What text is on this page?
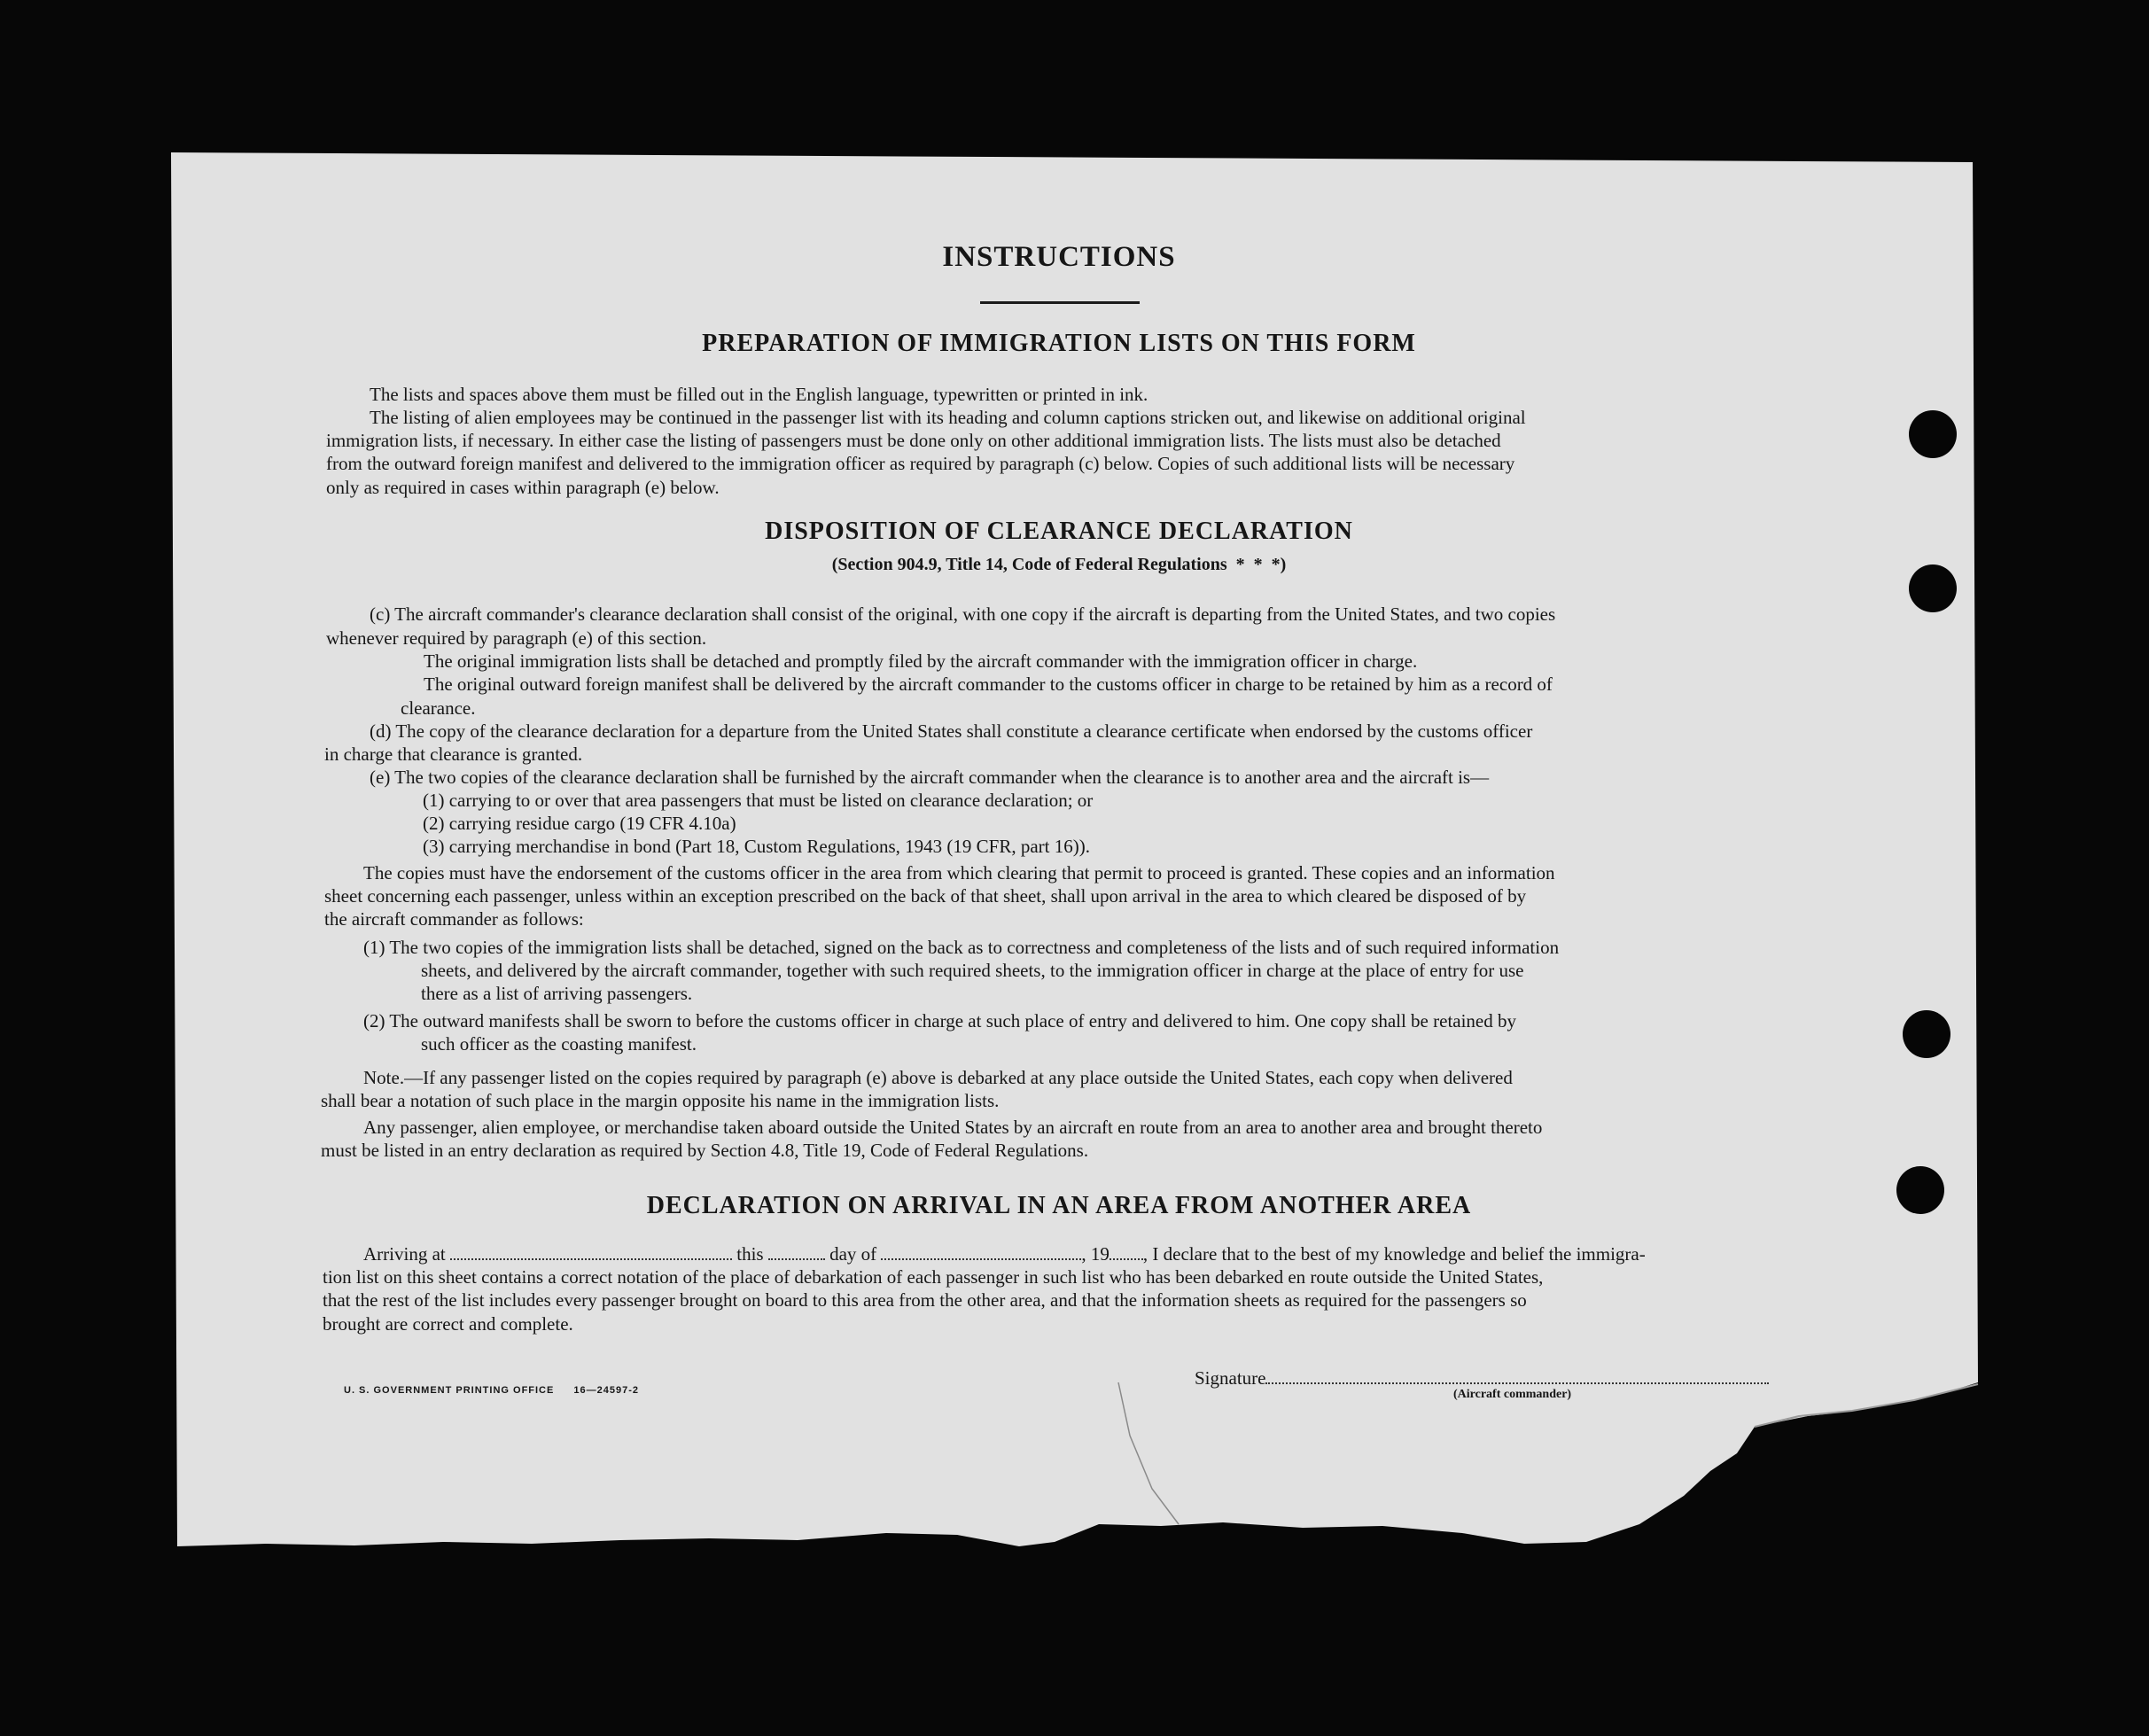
INSTRUCTIONS
PREPARATION OF IMMIGRATION LISTS ON THIS FORM
The lists and spaces above them must be filled out in the English language, typewritten or printed in ink.
The listing of alien employees may be continued in the passenger list with its heading and column captions stricken out, and likewise on additional original
immigration lists, if necessary. In either case the listing of passengers must be done only on other additional immigration lists. The lists must also be detached
from the outward foreign manifest and delivered to the immigration officer as required by paragraph (c) below. Copies of such additional lists will be necessary
only as required in cases within paragraph (e) below.
DISPOSITION OF CLEARANCE DECLARATION
(Section 904.9, Title 14, Code of Federal Regulations  *  *  *)
(c) The aircraft commander's clearance declaration shall consist of the original, with one copy if the aircraft is departing from the United States, and two copies
whenever required by paragraph (e) of this section.
The original immigration lists shall be detached and promptly filed by the aircraft commander with the immigration officer in charge.
The original outward foreign manifest shall be delivered by the aircraft commander to the customs officer in charge to be retained by him as a record of
clearance.
(d) The copy of the clearance declaration for a departure from the United States shall constitute a clearance certificate when endorsed by the customs officer
in charge that clearance is granted.
(e) The two copies of the clearance declaration shall be furnished by the aircraft commander when the clearance is to another area and the aircraft is—
(1) carrying to or over that area passengers that must be listed on clearance declaration; or
(2) carrying residue cargo (19 CFR 4.10a)
(3) carrying merchandise in bond (Part 18, Custom Regulations, 1943 (19 CFR, part 16)).
The copies must have the endorsement of the customs officer in the area from which clearing that permit to proceed is granted. These copies and an information
sheet concerning each passenger, unless within an exception prescribed on the back of that sheet, shall upon arrival in the area to which cleared be disposed of by
the aircraft commander as follows:
(1) The two copies of the immigration lists shall be detached, signed on the back as to correctness and completeness of the lists and of such required information
sheets, and delivered by the aircraft commander, together with such required sheets, to the immigration officer in charge at the place of entry for use
there as a list of arriving passengers.
(2) The outward manifests shall be sworn to before the customs officer in charge at such place of entry and delivered to him. One copy shall be retained by
such officer as the coasting manifest.
Note.—If any passenger listed on the copies required by paragraph (e) above is debarked at any place outside the United States, each copy when delivered
shall bear a notation of such place in the margin opposite his name in the immigration lists.
Any passenger, alien employee, or merchandise taken aboard outside the United States by an aircraft en route from an area to another area and brought thereto
must be listed in an entry declaration as required by Section 4.8, Title 19, Code of Federal Regulations.
DECLARATION ON ARRIVAL IN AN AREA FROM ANOTHER AREA
Arriving at	this	day of	, 19 , I declare that to the best of my knowledge and belief the immigra-
tion list on this sheet contains a correct notation of the place of debarkation of each passenger in such list who has been debarked en route outside the United States,
that the rest of the list includes every passenger brought on board to this area from the other area, and that the information sheets as required for the passengers so
brought are correct and complete.
U. S. GOVERNMENT PRINTING OFFICE 16—24597-2
Signature
(Aircraft commander)
